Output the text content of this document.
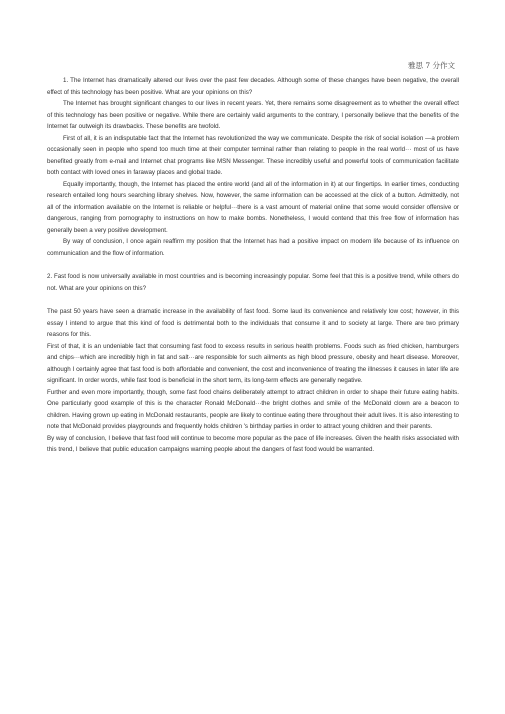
雅思 7 分作文

1. The Internet has dramatically altered our lives over the past few decades. Although some of these changes have been negative, the overall effect of this technology has been positive. What are your opinions on this?

The Internet has brought significant changes to our lives in recent years. Yet, there remains some disagreement as to whether the overall effect of this technology has been positive or negative. While there are certainly valid arguments to the contrary, I personally believe that the benefits of the Internet far outweigh its drawbacks. These benefits are twofold.

First of all, it is an indisputable fact that the Internet has revolutionized the way we communicate. Despite the risk of social isolation —a problem occasionally seen in people who spend too much time at their computer terminal rather than relating to people in the real world··· most of us have benefited greatly from e-mail and Internet chat programs like MSN Messenger. These incredibly useful and powerful tools of communication facilitate both contact with loved ones in faraway places and global trade.

Equally importantly, though, the Internet has placed the entire world (and all of the information in it) at our fingertips. In earlier times, conducting research entailed long hours searching library shelves. Now, however, the same information can be accessed at the click of a button. Admittedly, not all of the information available on the Internet is reliable or helpful···there is a vast amount of material online that some would consider offensive or dangerous, ranging from pornography to instructions on how to make bombs. Nonetheless, I would contend that this free flow of information has generally been a very positive development.

By way of conclusion, I once again reaffirm my position that the Internet has had a positive impact on modern life because of its influence on communication and the flow of information.

2. Fast food is now universally available in most countries and is becoming increasingly popular. Some feel that this is a positive trend, while others do not. What are your opinions on this?

The past 50 years have seen a dramatic increase in the availability of fast food. Some laud its convenience and relatively low cost; however, in this essay I intend to argue that this kind of food is detrimental both to the individuals that consume it and to society at large. There are two primary reasons for this.

First of that, it is an undeniable fact that consuming fast food to excess results in serious health problems. Foods such as fried chicken, hamburgers and chips···which are incredibly high in fat and salt···are responsible for such ailments as high blood pressure, obesity and heart disease. Moreover, although I certainly agree that fast food is both affordable and convenient, the cost and inconvenience of treating the illnesses it causes in later life are significant. In order words, while fast food is beneficial in the short term, its long-term effects are generally negative.

Further and even more importantly, though, some fast food chains deliberately attempt to attract children in order to shape their future eating habits. One particularly good example of this is the character Ronald McDonald···the bright clothes and smile of the McDonald clown are a beacon to children. Having grown up eating in McDonald restaurants, people are likely to continue eating there throughout their adult lives. It is also interesting to note that McDonald provides playgrounds and frequently holds children 's birthday parties in order to attract young children and their parents.

By way of conclusion, I believe that fast food will continue to become more popular as the pace of life increases. Given the health risks associated with this trend, I believe that public education campaigns warning people about the dangers of fast food would be warranted.
